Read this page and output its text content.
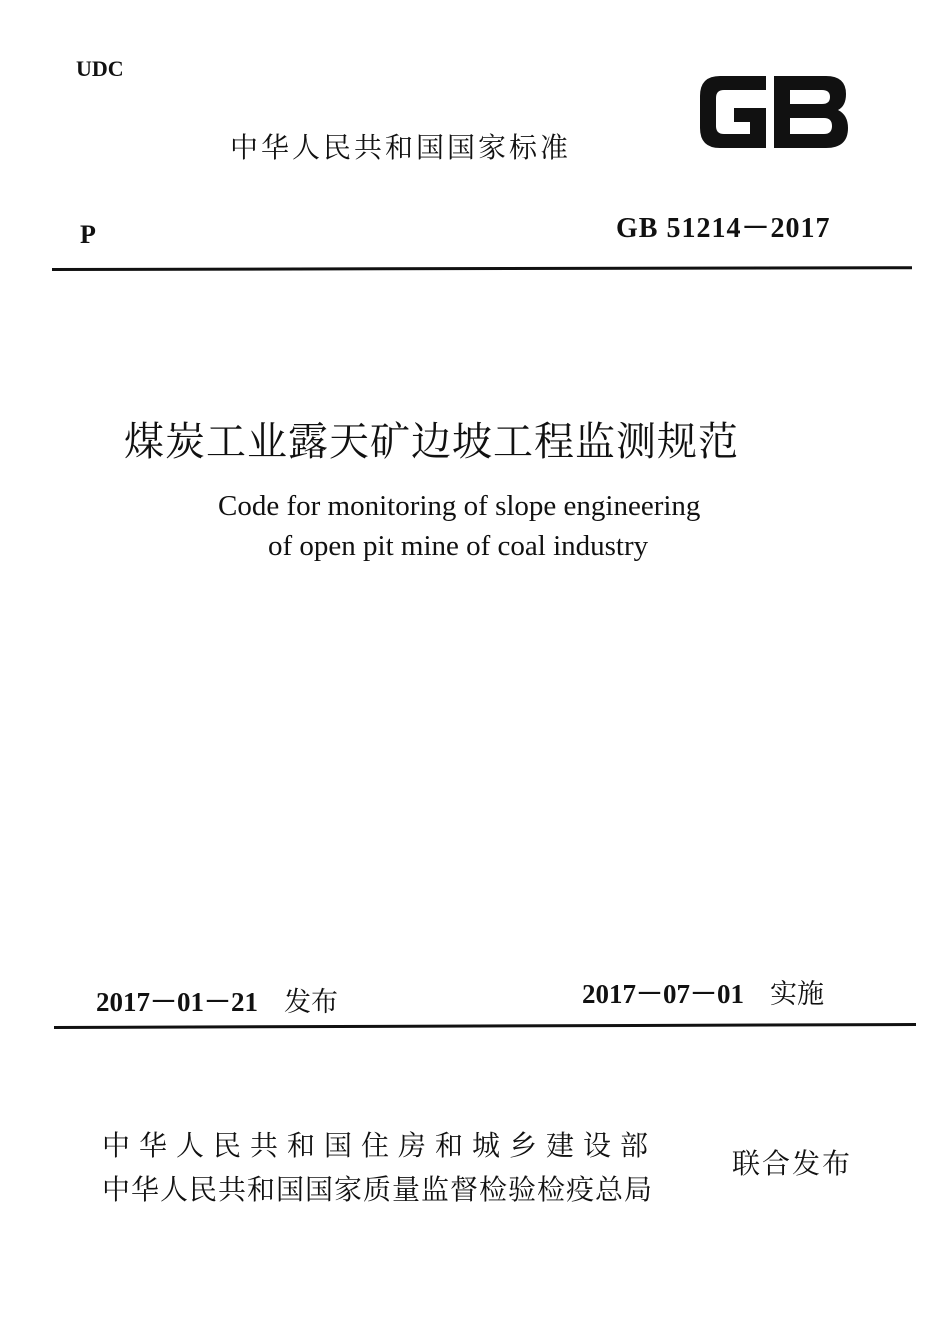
UDC
中华人民共和国国家标准
GB
P	GB 51214－2017
煤炭工业露天矿边坡工程监测规范
Code for monitoring of slope engineering
of open pit mine of coal industry
2017－01－21 发布	2017－07－01 实施
中华人民共和国住房和城乡建设部
中华人民共和国国家质量监督检验检疫总局
联合发布
